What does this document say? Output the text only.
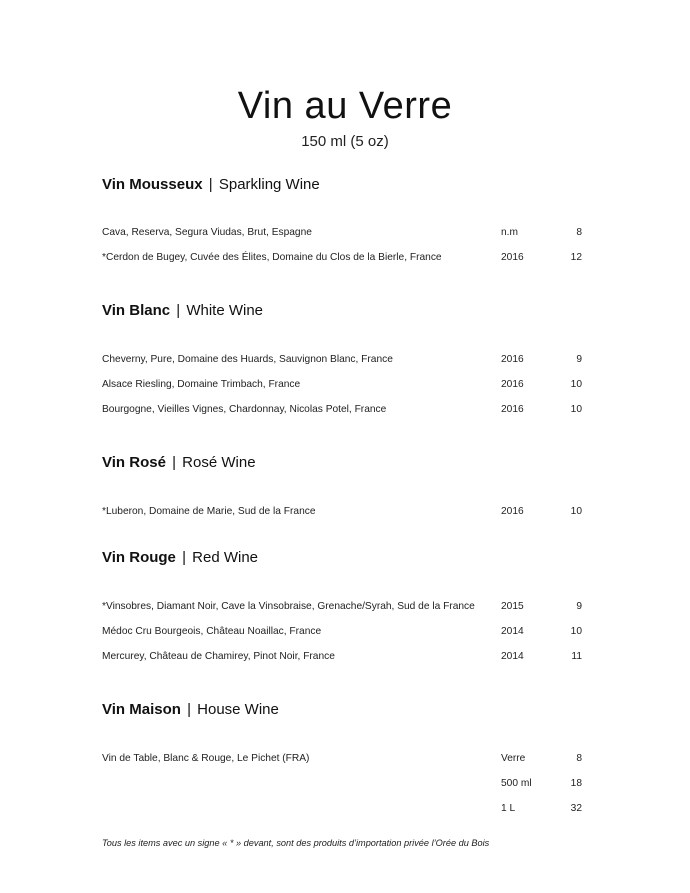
Vin au Verre
150 ml (5 oz)
Vin Mousseux | Sparkling Wine
Cava, Reserva, Segura Viudas, Brut, Espagne	n.m	8
*Cerdon de Bugey, Cuvée des Élites, Domaine du Clos de la Bierle, France	2016	12
Vin Blanc | White Wine
Cheverny, Pure, Domaine des Huards, Sauvignon Blanc, France	2016	9
Alsace Riesling, Domaine Trimbach, France	2016	10
Bourgogne, Vieilles Vignes, Chardonnay, Nicolas Potel, France	2016	10
Vin Rosé | Rosé Wine
*Luberon, Domaine de Marie, Sud de la France	2016	10
Vin Rouge | Red Wine
*Vinsobres, Diamant Noir, Cave la Vinsobraise, Grenache/Syrah, Sud de la France	2015	9
Médoc Cru Bourgeois, Château Noaillac, France	2014	10
Mercurey, Château de Chamirey, Pinot Noir, France	2014	11
Vin Maison | House Wine
Vin de Table, Blanc & Rouge, Le Pichet (FRA)	Verre	8
500 ml	18
1 L	32
Tous les items avec un signe « * » devant, sont des produits d’importation privée l’Orée du Bois
